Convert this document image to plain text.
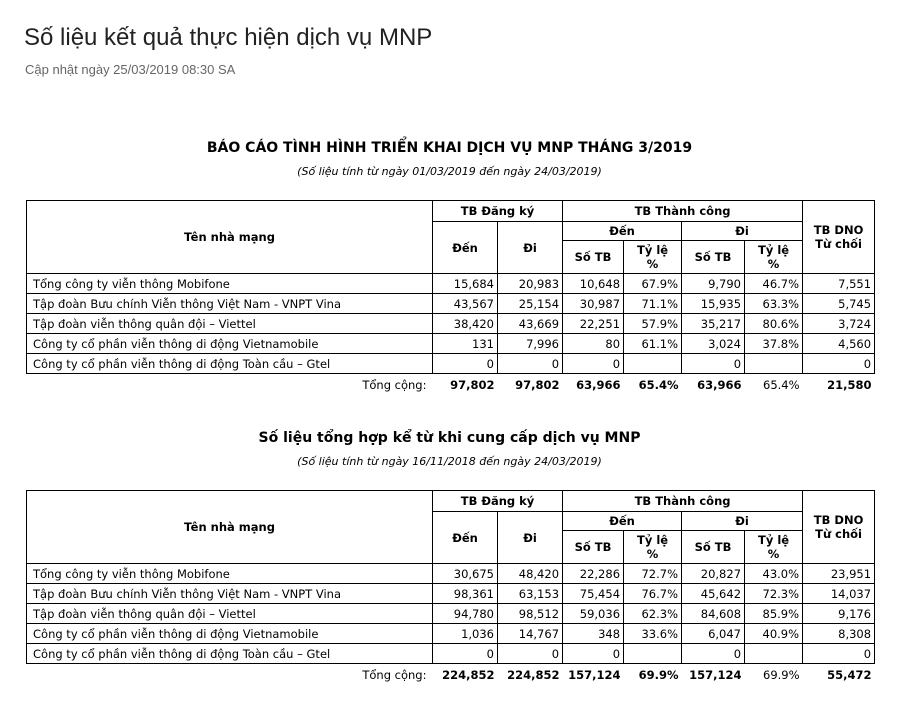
Số liệu kết quả thực hiện dịch vụ MNP
Cập nhật ngày 25/03/2019 08:30 SA
BÁO CÁO TÌNH HÌNH TRIỂN KHAI DỊCH VỤ MNP THÁNG 3/2019
(Số liệu tính từ ngày 01/03/2019 đến ngày 24/03/2019)
Tên nhà mạng	TB Đăng ký		TB Thành công				TB DNO Từ chối
	Đến	Đi	Đến		Đi		
			Số TB	Tỷ lệ %	Số TB	Tỷ lệ %	
Tổng công ty viễn thông Mobifone	15,684	20,983	10,648	67.9%	9,790	46.7%	7,551
Tập đoàn Bưu chính Viễn thông Việt Nam - VNPT Vina	43,567	25,154	30,987	71.1%	15,935	63.3%	5,745
Tập đoàn viễn thông quân đội – Viettel	38,420	43,669	22,251	57.9%	35,217	80.6%	3,724
Công ty cổ phần viễn thông di động Vietnamobile	131	7,996	80	61.1%	3,024	37.8%	4,560
Công ty cổ phần viễn thông di động Toàn cầu – Gtel	0	0	0		0		0
Tổng cộng:	97,802	97,802	63,966	65.4%	63,966	65.4%	21,580
Số liệu tổng hợp kể từ khi cung cấp dịch vụ MNP
(Số liệu tính từ ngày 16/11/2018 đến ngày 24/03/2019)
Tên nhà mạng	TB Đăng ký		TB Thành công				TB DNO Từ chối
	Đến	Đi	Đến		Đi		
			Số TB	Tỷ lệ %	Số TB	Tỷ lệ %	
Tổng công ty viễn thông Mobifone	30,675	48,420	22,286	72.7%	20,827	43.0%	23,951
Tập đoàn Bưu chính Viễn thông Việt Nam - VNPT Vina	98,361	63,153	75,454	76.7%	45,642	72.3%	14,037
Tập đoàn viễn thông quân đội – Viettel	94,780	98,512	59,036	62.3%	84,608	85.9%	9,176
Công ty cổ phần viễn thông di động Vietnamobile	1,036	14,767	348	33.6%	6,047	40.9%	8,308
Công ty cổ phần viễn thông di động Toàn cầu – Gtel	0	0	0		0		0
Tổng cộng:	224,852	224,852	157,124	69.9%	157,124	69.9%	55,472
